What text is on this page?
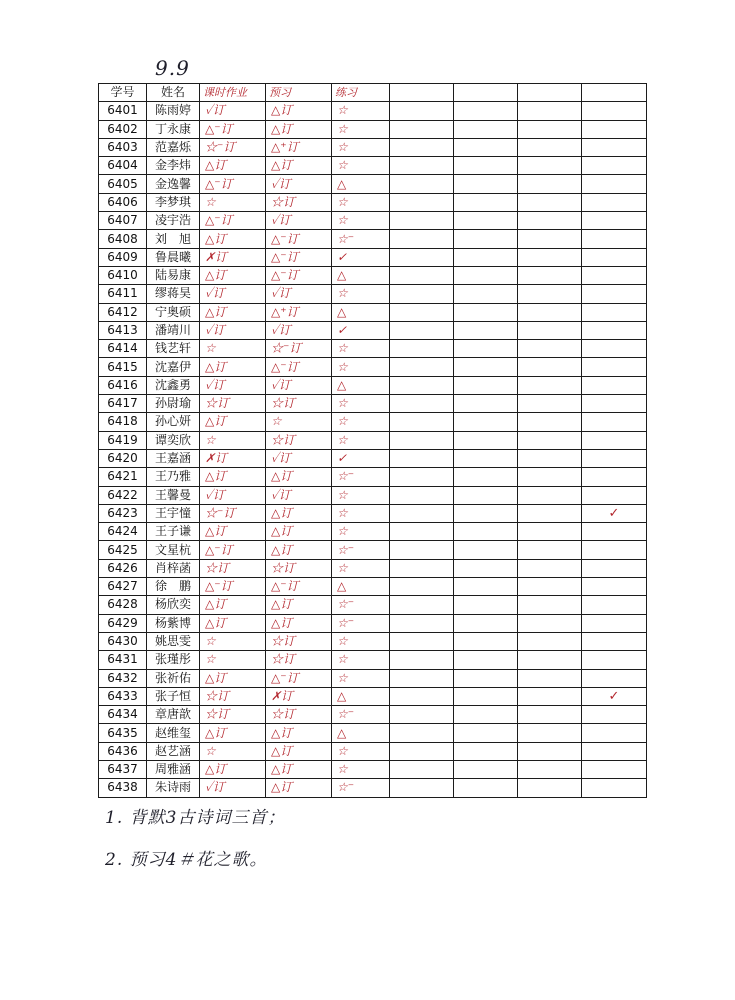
9.9
学号	姓名	课时作业	预习	练习				
6401	陈雨婷	✓订	△订	☆				
6402	丁永康	△⁻订	△订	☆				
6403	范嘉烁	☆⁻订	△⁺订	☆				
6404	金李炜	△订	△订	☆				
6405	金逸馨	△⁻订	✓订	△				
6406	李梦琪	☆	☆订	☆				
6407	凌宇浩	△⁻订	✓订	☆				
6408	刘　旭	△订	△⁻订	☆⁻				
6409	鲁晨曦	✗订	△⁻订	✓				
6410	陆易康	△订	△⁻订	△				
6411	缪蒋昊	✓订	✓订	☆				
6412	宁奥硕	△订	△⁺订	△				
6413	潘靖川	✓订	✓订	✓				
6414	钱艺轩	☆	☆⁻订	☆				
6415	沈嘉伊	△订	△⁻订	☆				
6416	沈鑫勇	✓订	✓订	△				
6417	孙尉瑜	☆订	☆订	☆				
6418	孙心妍	△订	☆	☆				
6419	谭奕欣	☆	☆订	☆				
6420	王嘉涵	✗订	✓订	✓				
6421	王乃雅	△订	△订	☆⁻				
6422	王馨曼	✓订	✓订	☆				
6423	王宇憧	☆⁻订	△订	☆				✓
6424	王子谦	△订	△订	☆				
6425	文星杭	△⁻订	△订	☆⁻				
6426	肖梓菡	☆订	☆订	☆				
6427	徐　鹏	△⁻订	△⁻订	△				
6428	杨欣奕	△订	△订	☆⁻				
6429	杨紫博	△订	△订	☆⁻				
6430	姚思雯	☆	☆订	☆				
6431	张瑾彤	☆	☆订	☆				
6432	张祈佑	△订	△⁻订	☆				
6433	张子恒	☆订	✗订	△				✓
6434	章唐歆	☆订	☆订	☆⁻				
6435	赵维玺	△订	△订	△				
6436	赵艺涵	☆	△订	☆				
6437	周雅涵	△订	△订	☆				
6438	朱诗雨	✓订	△订	☆⁻				
1. 背默3古诗词三首；
2. 预习4＃花之歌。
